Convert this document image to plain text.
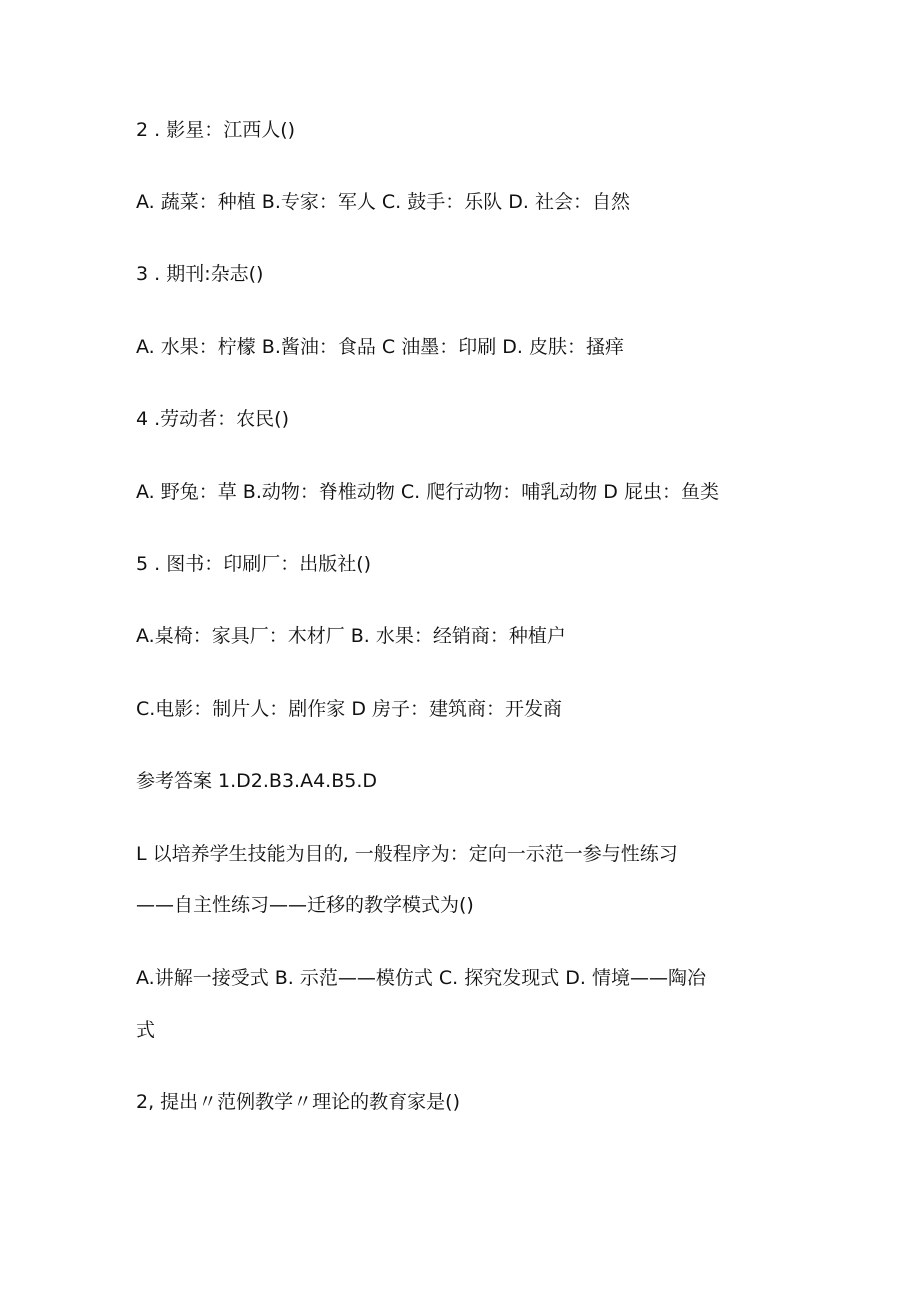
2 . 影星：江西人()
A. 蔬菜：种植 B.专家：军人 C. 鼓手：乐队 D. 社会：自然
3 . 期刊:杂志()
A. 水果：柠檬 B.酱油：食品 C 油墨：印刷 D. 皮肤：搔痒
4 .劳动者：农民()
A. 野兔：草 B.动物：脊椎动物 C. 爬行动物：哺乳动物 D 屁虫：鱼类
5 . 图书：印刷厂：出版社()
A.桌椅：家具厂：木材厂 B. 水果：经销商：种植户
C.电影：制片人：剧作家 D 房子：建筑商：开发商
参考答案 1.D2.B3.A4.B5.D
L 以培养学生技能为目的, 一般程序为：定向一示范一参与性练习
——自主性练习——迁移的教学模式为()
A.讲解一接受式 B. 示范——模仿式 C. 探究发现式 D. 情境——陶冶
式
2, 提出〃范例教学〃理论的教育家是()
